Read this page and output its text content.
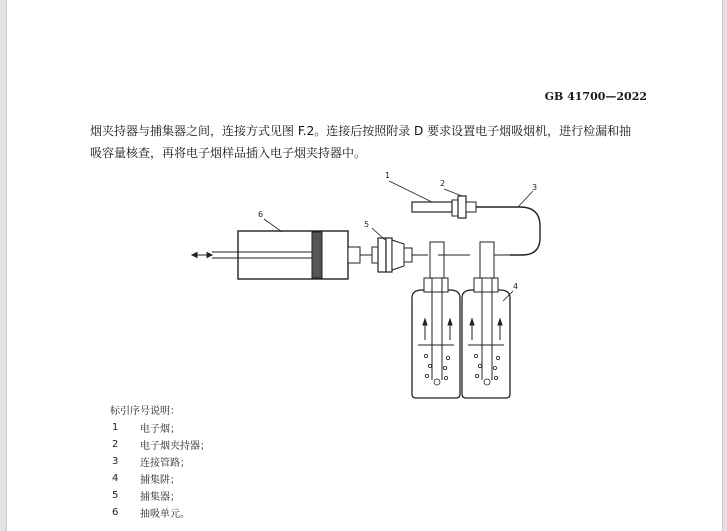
GB 41700—2022

烟夹持器与捕集器之间，连接方式见图 F.2。连接后按照附录 D 要求设置电子烟吸烟机，进行检漏和抽

吸容量核查，再将电子烟样品插入电子烟夹持器中。

1
2	3
4
5
6
标引序号说明：
1	电子烟；
2	电子烟夹持器；
3	连接管路；
4	捕集阱；
5	捕集器；
6	抽吸单元。
